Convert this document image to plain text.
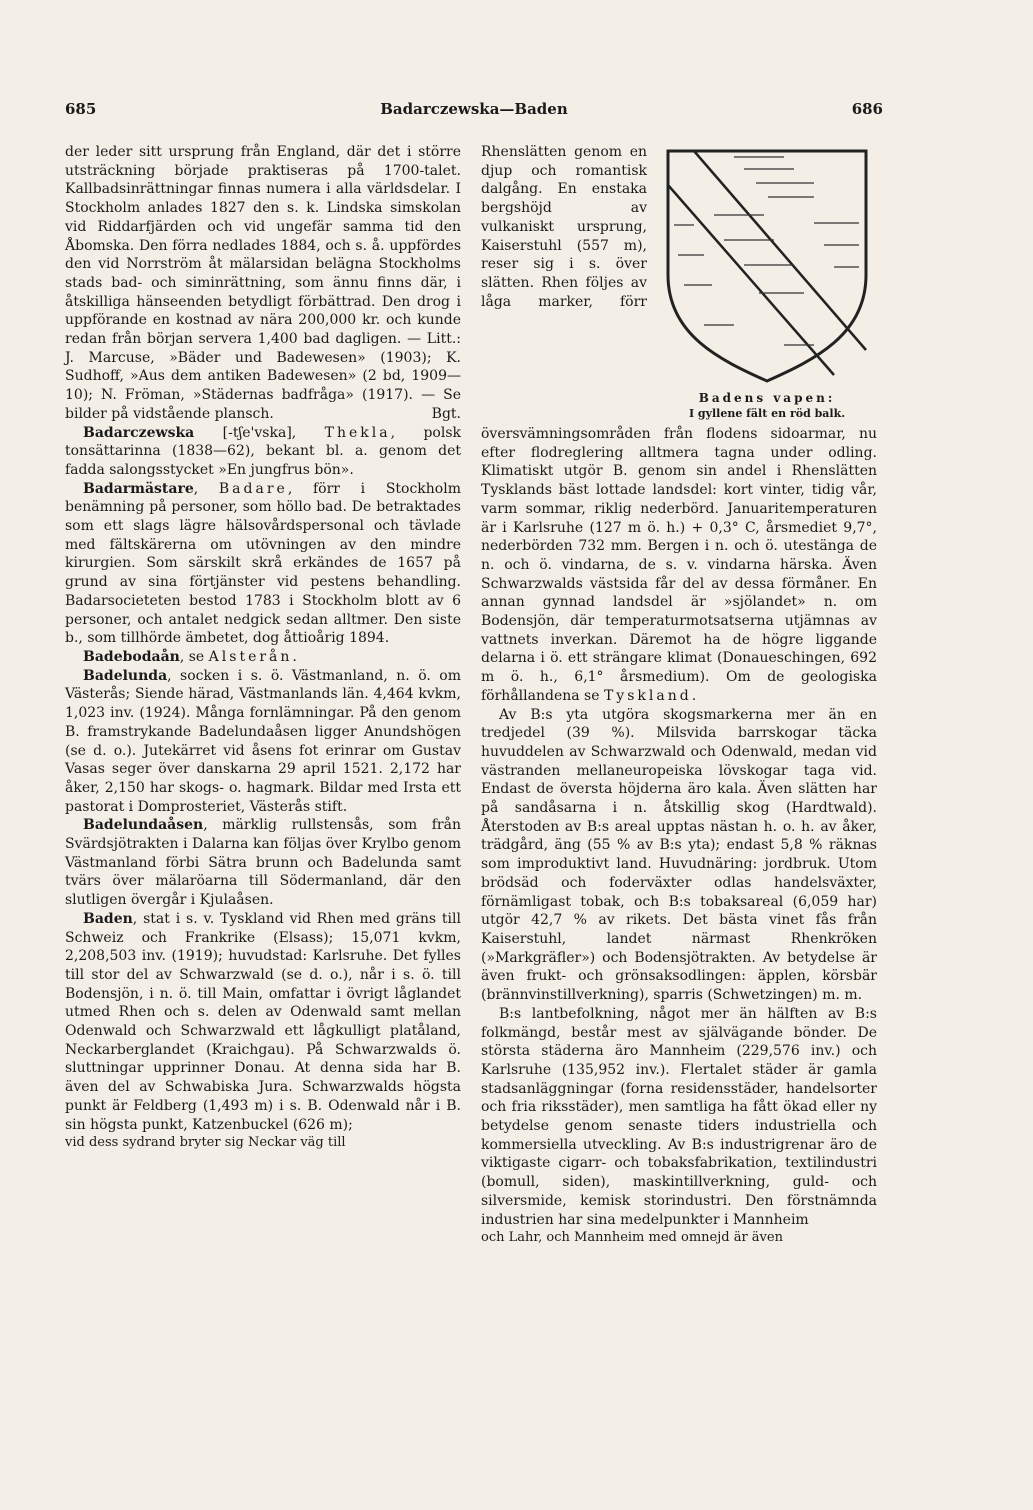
685	Badarczewska—Baden	686

der leder sitt ursprung från England, där det i större utsträckning började praktiseras på 1700-talet. Kallbadsinrättningar finnas numera i alla världsdelar. I Stockholm anlades 1827 den s. k. Lindska simskolan vid Riddarfjärden och vid ungefär samma tid den Åbomska. Den förra nedlades 1884, och s. å. uppfördes den vid Norrström åt mälarsidan belägna Stockholms stads bad- och siminrättning, som ännu finns där, i åtskilliga hänseenden betydligt förbättrad. Den drog i uppförande en kostnad av nära 200,000 kr. och kunde redan från början servera 1,400 bad dagligen. — Litt.: J. Marcuse, »Bäder und Badewesen» (1903); K. Sudhoff, »Aus dem antiken Badewesen» (2 bd, 1909—10); N. Fröman, »Städernas badfråga» (1917). — Se bilder på vidstående plansch.	Bgt.

Badarczewska [-tʃe'vska], Thekla, polsk tonsättarinna (1838—62), bekant bl. a. genom det fadda salongsstycket »En jungfrus bön».

Badarmästare, Badare, förr i Stockholm benämning på personer, som höllo bad. De betraktades som ett slags lägre hälsovårdspersonal och tävlade med fältskärerna om utövningen av den mindre kirurgien. Som särskilt skrå erkändes de 1657 på grund av sina förtjänster vid pestens behandling. Badarsocieteten bestod 1783 i Stockholm blott av 6 personer, och antalet nedgick sedan alltmer. Den siste b., som tillhörde ämbetet, dog åttioårig 1894.

Badebodaån, se Alsterån.

Badelunda, socken i s. ö. Västmanland, n. ö. om Västerås; Siende härad, Västmanlands län. 4,464 kvkm, 1,023 inv. (1924). Många fornlämningar. På den genom B. framstrykande Badelundaåsen ligger Anundshögen (se d. o.). Jutekärret vid åsens fot erinrar om Gustav Vasas seger över danskarna 29 april 1521. 2,172 har åker, 2,150 har skogs- o. hagmark. Bildar med Irsta ett pastorat i Domprosteriet, Västerås stift.

Badelundaåsen, märklig rullstensås, som från Svärdsjötrakten i Dalarna kan följas över Krylbo genom Västmanland förbi Sätra brunn och Badelunda samt tvärs över mälaröarna till Södermanland, där den slutligen övergår i Kjulaåsen.

Baden, stat i s. v. Tyskland vid Rhen med gräns till Schweiz och Frankrike (Elsass); 15,071 kvkm, 2,208,503 inv. (1919); huvudstad: Karlsruhe. Det fylles till stor del av Schwarzwald (se d. o.), når i s. ö. till Bodensjön, i n. ö. till Main, omfattar i övrigt låglandet utmed Rhen och s. delen av Odenwald samt mellan Odenwald och Schwarzwald ett lågkulligt platåland, Neckarberglandet (Kraichgau). På Schwarzwalds ö. sluttningar upprinner Donau. At denna sida har B. även del av Schwabiska Jura. Schwarzwalds högsta punkt är Feldberg (1,493 m) i s. B. Odenwald når i B. sin högsta punkt, Katzenbuckel (626 m);

vid dess sydrand bryter sig Neckar väg till

Badens vapen:
I gyllene fält en röd balk.
Rhenslätten genom en djup och romantisk dalgång. En enstaka bergshöjd av vulkaniskt ursprung, Kaiserstuhl (557 m), reser sig i s. över slätten. Rhen följes av låga marker, förr översvämningsområden från flodens sidoarmar, nu efter flodreglering alltmera tagna under odling. Klimatiskt utgör B. genom sin andel i Rhenslätten Tysklands bäst lottade landsdel: kort vinter, tidig vår, varm sommar, riklig nederbörd. Januaritemperaturen är i Karlsruhe (127 m ö. h.) + 0,3° C, årsmediet 9,7°, nederbörden 732 mm. Bergen i n. och ö. utestänga de n. och ö. vindarna, de s. v. vindarna härska. Även Schwarzwalds västsida får del av dessa förmåner. En annan gynnad landsdel är »sjölandet» n. om Bodensjön, där temperaturmotsatserna utjämnas av vattnets inverkan. Däremot ha de högre liggande delarna i ö. ett strängare klimat (Donaueschingen, 692 m ö. h., 6,1° årsmedium). Om de geologiska förhållandena se Tyskland.

Av B:s yta utgöra skogsmarkerna mer än en tredjedel (39 %). Milsvida barrskogar täcka huvuddelen av Schwarzwald och Odenwald, medan vid västranden mellaneuropeiska lövskogar taga vid. Endast de översta höjderna äro kala. Även slätten har på sandåsarna i n. åtskillig skog (Hardtwald). Återstoden av B:s areal upptas nästan h. o. h. av åker, trädgård, äng (55 % av B:s yta); endast 5,8 % räknas som improduktivt land. Huvudnäring: jordbruk. Utom brödsäd och foderväxter odlas handelsväxter, förnämligast tobak, och B:s tobaksareal (6,059 har) utgör 42,7 % av rikets. Det bästa vinet fås från Kaiserstuhl, landet närmast Rhenkröken (»Markgräfler») och Bodensjötrakten. Av betydelse är även frukt- och grönsaksodlingen: äpplen, körsbär (brännvinstillverkning), sparris (Schwetzingen) m. m.

B:s lantbefolkning, något mer än hälften av B:s folkmängd, består mest av självägande bönder. De största städerna äro Mannheim (229,576 inv.) och Karlsruhe (135,952 inv.). Flertalet städer är gamla stadsanläggningar (forna residensstäder, handelsorter och fria riksstäder), men samtliga ha fått ökad eller ny betydelse genom senaste tiders industriella och kommersiella utveckling. Av B:s industrigrenar äro de viktigaste cigarr- och tobaksfabrikation, textilindustri (bomull, siden), maskintillverkning, guld- och silversmide, kemisk storindustri. Den förstnämnda industrien har sina medelpunkter i Mannheim

och Lahr, och Mannheim med omnejd är även
